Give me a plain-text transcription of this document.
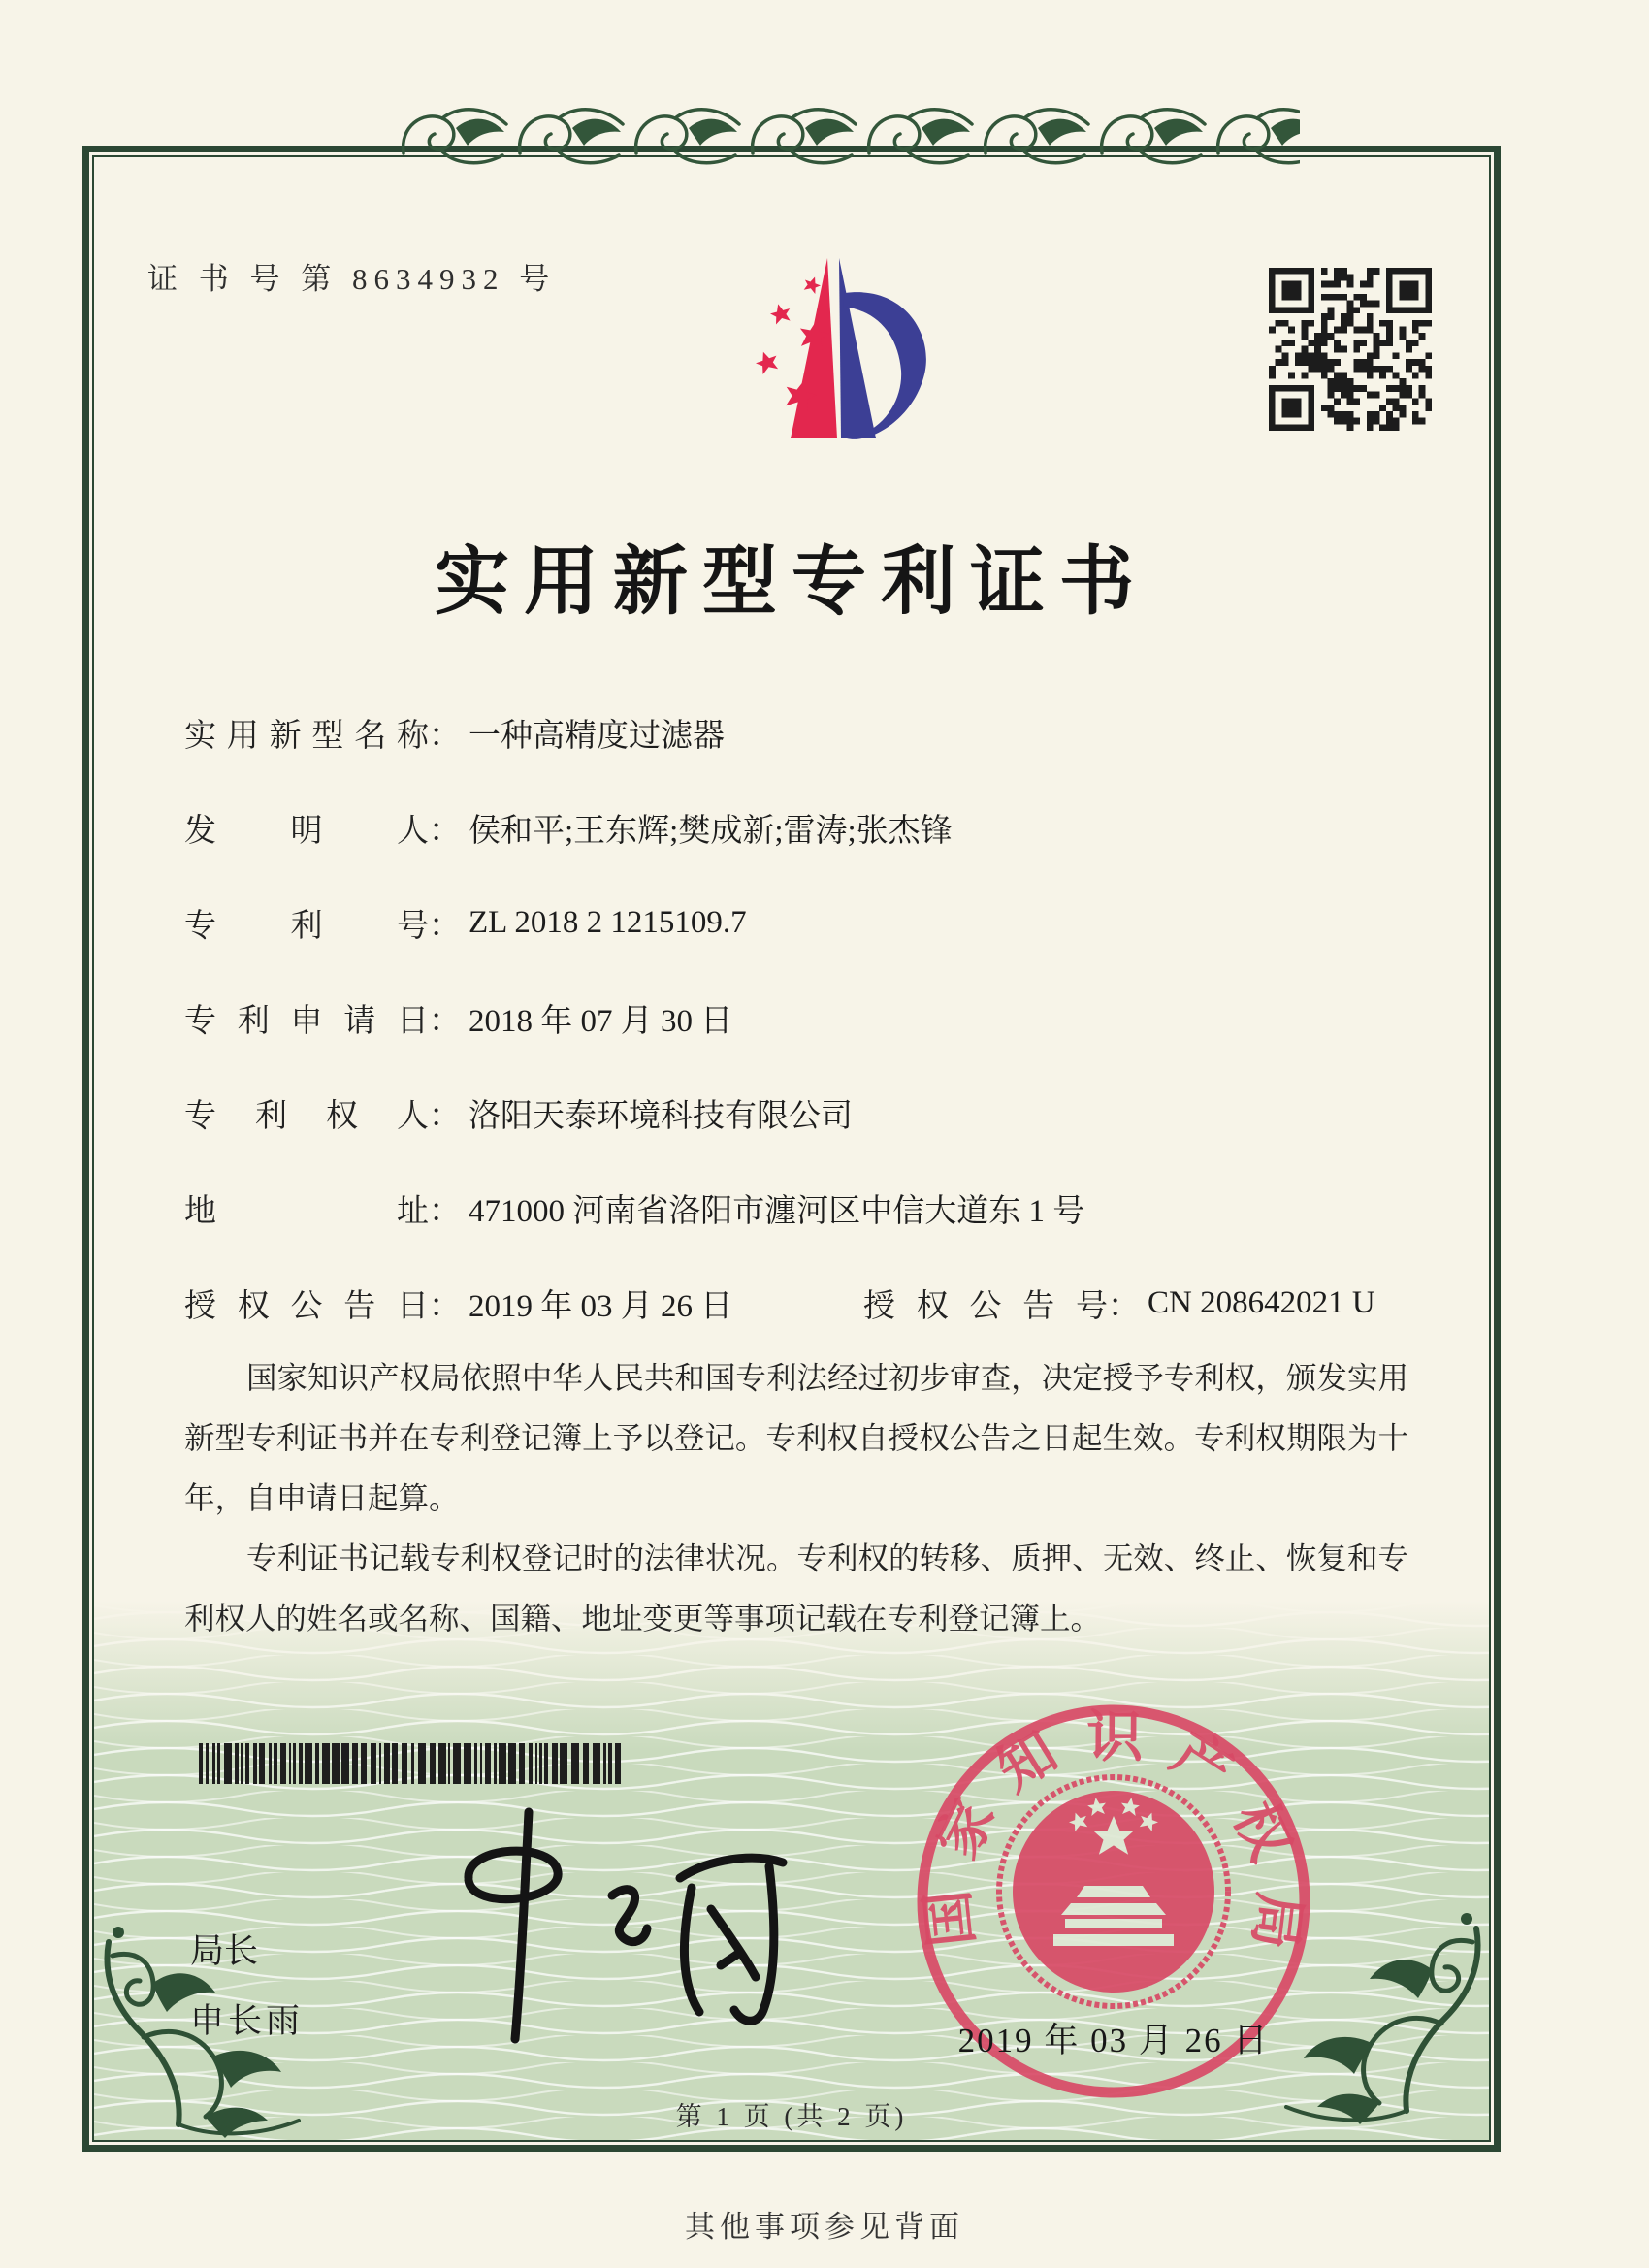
证 书 号 第 8634932 号
实用新型专利证书
实用新型名称 ： 一种高精度过滤器
发明人 ： 侯和平;王东辉;樊成新;雷涛;张杰锋
专利号 ： ZL 2018 2 1215109.7
专利申请日 ： 2018 年 07 月 30 日
专利权人 ： 洛阳天泰环境科技有限公司
地址 ： 471000 河南省洛阳市瀍河区中信大道东 1 号
授权公告日 ： 2019 年 03 月 26 日	授权公告号 ： CN 208642021 U

国家知识产权局依照中华人民共和国专利法经过初步审查，决定授予专利权，颁发实用新型专利证书并在专利登记簿上予以登记。专利权自授权公告之日起生效。专利权期限为十年，自申请日起算。

专利证书记载专利权登记时的法律状况。专利权的转移、质押、无效、终止、恢复和专利权人的姓名或名称、国籍、地址变更等事项记载在专利登记簿上。

局长
申长雨
国家知识产权局
2019 年 03 月 26 日
第 1 页 (共 2 页)
其他事项参见背面
